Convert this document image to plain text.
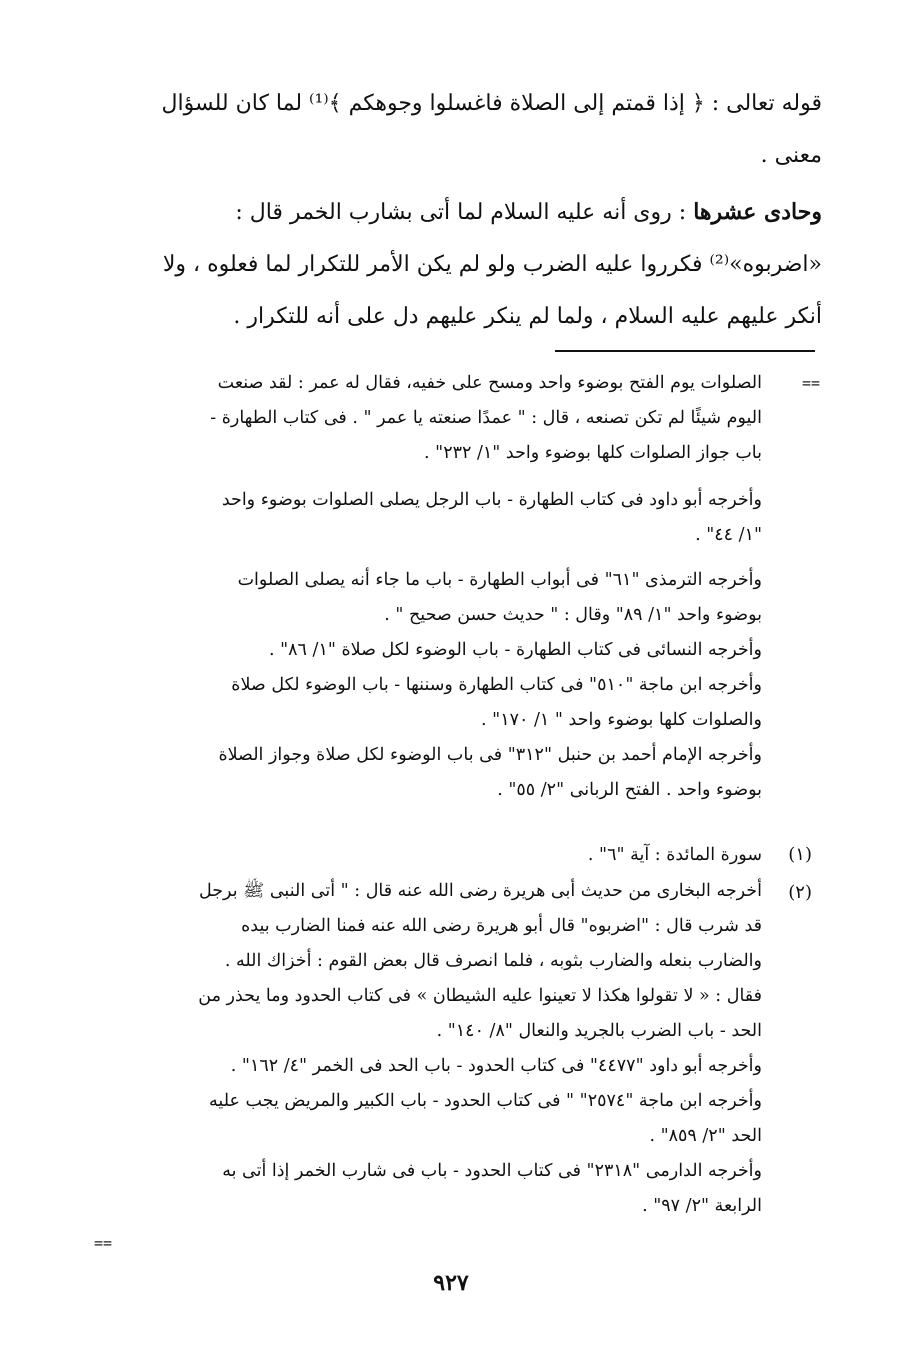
قوله تعالى : ﴿ إذا قمتم إلى الصلاة فاغسلوا وجوهكم ﴾⁽¹⁾ لما كان للسؤال
معنى .
وحادى عشرها : روى أنه عليه السلام لما أتى بشارب الخمر قال :
«اضربوه»⁽²⁾ فكرروا عليه الضرب ولو لم يكن الأمر للتكرار لما فعلوه ، ولا
أنكر عليهم عليه السلام ، ولما لم ينكر عليهم دل على أنه للتكرار .
==
الصلوات يوم الفتح بوضوء واحد ومسح على خفيه، فقال له عمر : لقد صنعت
اليوم شيئًا لم تكن تصنعه ، قال : " عمدًا صنعته يا عمر " . فى كتاب الطهارة -
باب جواز الصلوات كلها بوضوء واحد "١/ ٢٣٢" .
وأخرجه أبو داود فى كتاب الطهارة - باب الرجل يصلى الصلوات بوضوء واحد
"١/ ٤٤" .
وأخرجه الترمذى "٦١" فى أبواب الطهارة - باب ما جاء أنه يصلى الصلوات
بوضوء واحد "١/ ٨٩" وقال : " حديث حسن صحيح " .
وأخرجه النسائى فى كتاب الطهارة - باب الوضوء لكل صلاة "١/ ٨٦" .
وأخرجه ابن ماجة "٥١٠" فى كتاب الطهارة وسننها - باب الوضوء لكل صلاة
والصلوات كلها بوضوء واحد " ١/ ١٧٠" .
وأخرجه الإمام أحمد بن حنبل "٣١٢" فى باب الوضوء لكل صلاة وجواز الصلاة
بوضوء واحد . الفتح الربانى "٢/ ٥٥" .
(١)
سورة المائدة : آية "٦" .
(٢)
أخرجه البخارى من حديث أبى هريرة رضى الله عنه قال : " أتى النبى ﷺ برجل
قد شرب قال : "اضربوه" قال أبو هريرة رضى الله عنه فمنا الضارب بيده
والضارب بنعله والضارب بثوبه ، فلما انصرف قال بعض القوم : أخزاك الله .
فقال : « لا تقولوا هكذا لا تعينوا عليه الشيطان » فى كتاب الحدود وما يحذر من
الحد - باب الضرب بالجريد والنعال "٨/ ١٤٠" .
وأخرجه أبو داود "٤٤٧٧" فى كتاب الحدود - باب الحد فى الخمر "٤/ ١٦٢" .
وأخرجه ابن ماجة "٢٥٧٤" " فى كتاب الحدود - باب الكبير والمريض يجب عليه
الحد "٢/ ٨٥٩" .
وأخرجه الدارمى "٢٣١٨" فى كتاب الحدود - باب فى شارب الخمر إذا أتى به
الرابعة "٢/ ٩٧" .
==
٩٢٧
